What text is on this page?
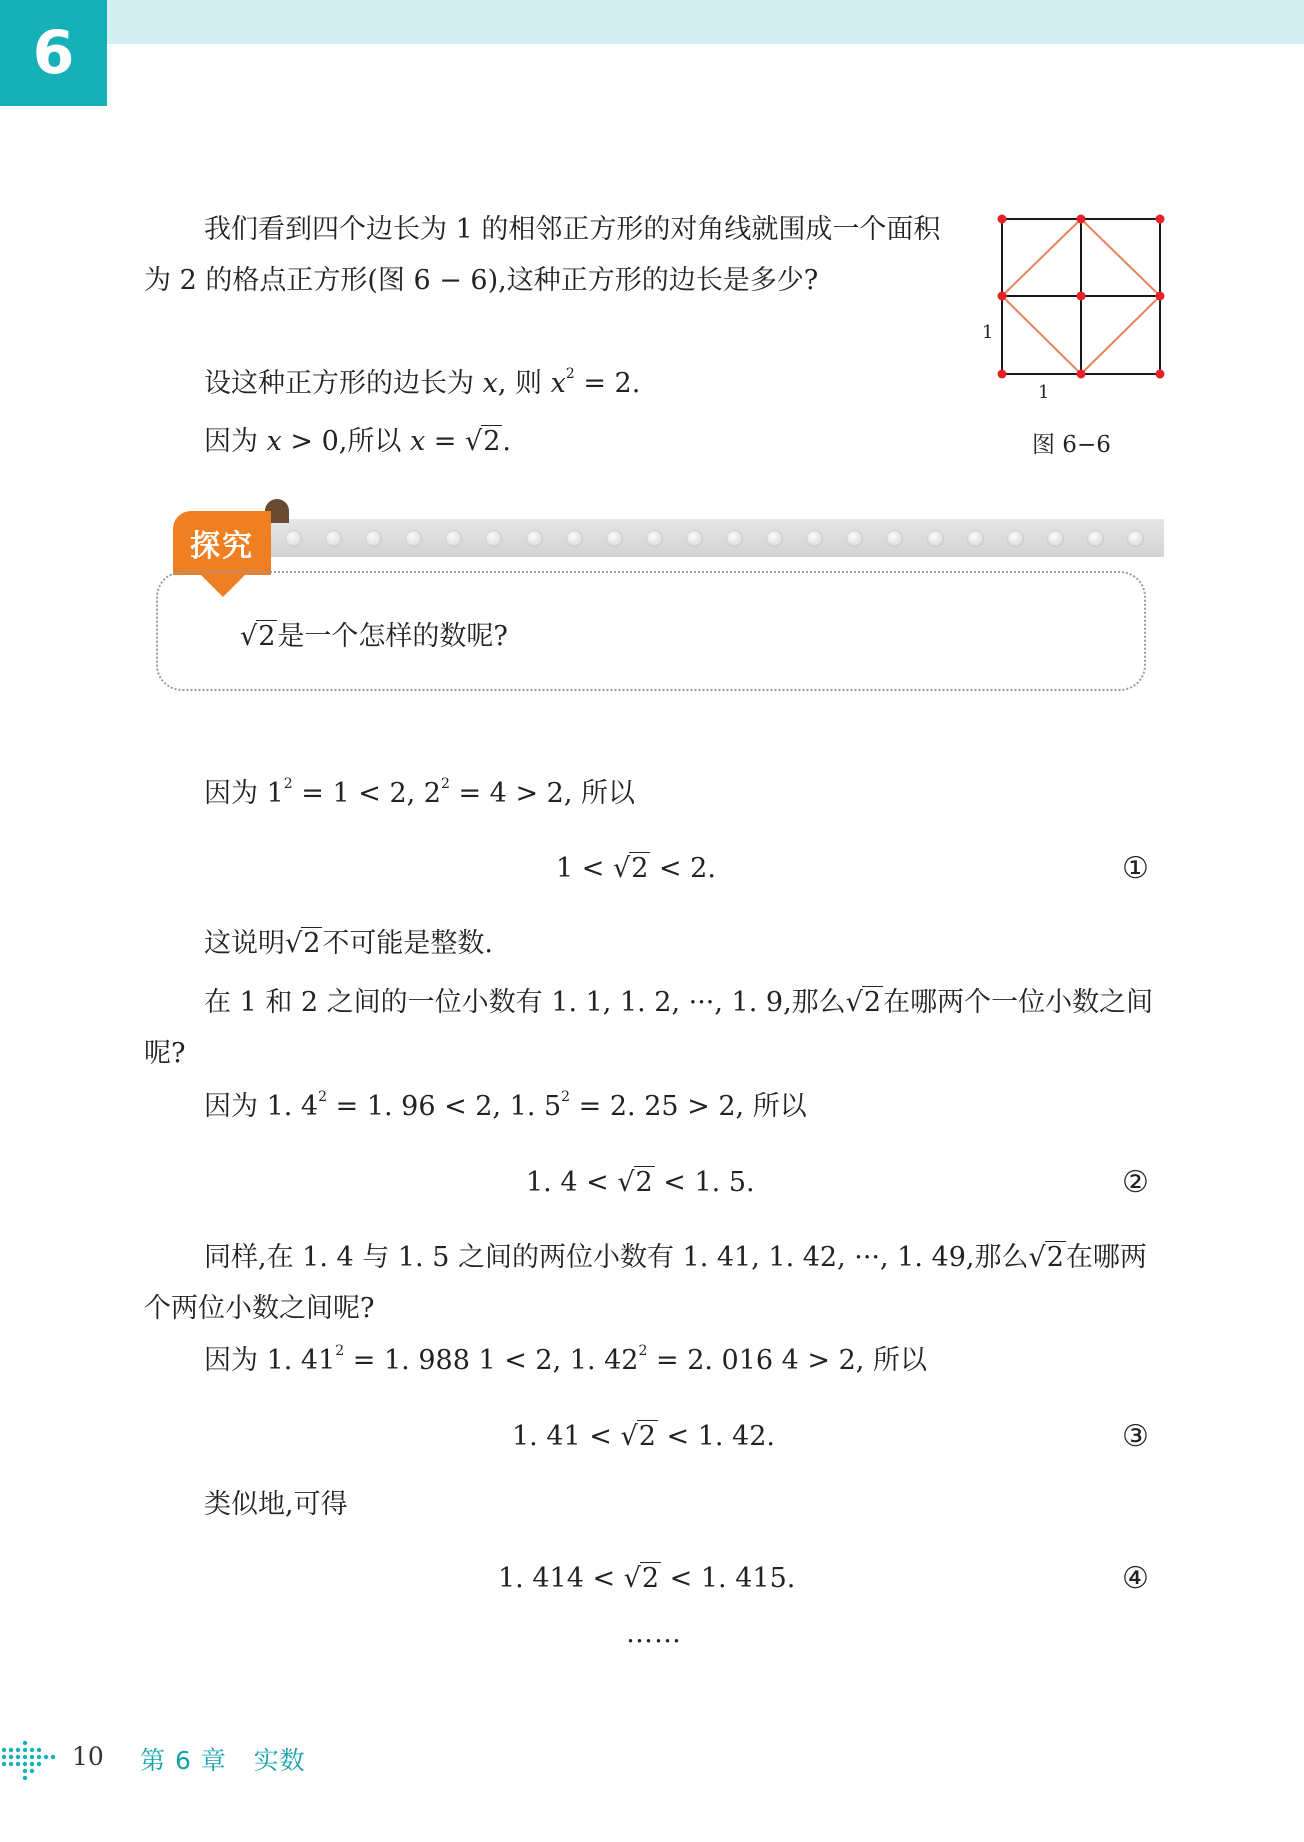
6

我们看到四个边长为 1 的相邻正方形的对角线就围成一个面积为 2 的格点正方形(图 6 − 6),这种正方形的边长是多少?

设这种正方形的边长为 x, 则 $x^2 = 2$.
因为 x > 0,所以 x = √2.
1
1
图 6−6
探究
√2是一个怎样的数呢?
因为 $1^2 = 1 < 2$, $2^2 = 4 > 2$, 所以
1 < √2 < 2.	①
这说明√2不可能是整数.
在 1 和 2 之间的一位小数有 1. 1, 1. 2, ···, 1. 9,那么√2在哪两个一位小数之间呢?
因为 1. $4^2 = 1$. 96 < 2, 1. $5^2 = 2$. 25 > 2, 所以
1. 4 < √2 < 1. 5.	②
同样,在 1. 4 与 1. 5 之间的两位小数有 1. 41, 1. 42, ···, 1. 49,那么√2在哪两个两位小数之间呢?
因为 1. $41^2 = 1$. 988 1 < 2, 1. $42^2 = 2$. 016 4 > 2, 所以
1. 41 < √2 < 1. 42.	③
类似地,可得
1. 414 < √2 < 1. 415.	④
……
10 第 6 章   实数
